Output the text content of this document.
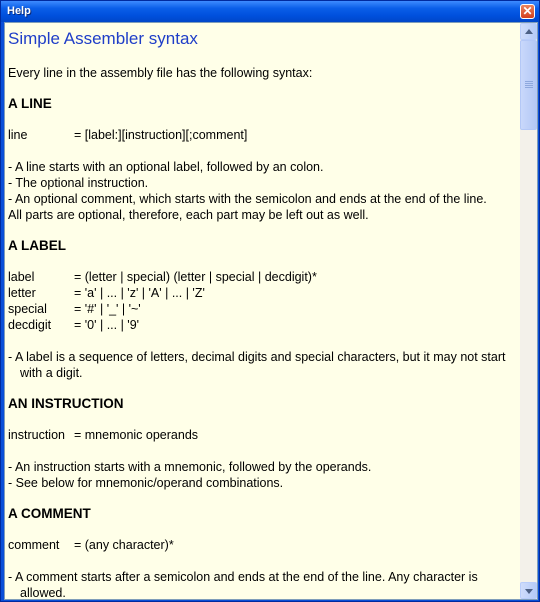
Help	✕
Simple Assembler syntax
Every line in the assembly file has the following syntax:
A LINE
line	= [label:][instruction][;comment]
- A line starts with an optional label, followed by an colon.
- The optional instruction.
- An optional comment, which starts with the semicolon and ends at the end of the line.
All parts are optional, therefore, each part may be left out as well.
A LABEL
label	= (letter | special) (letter | special | decdigit)*
letter	= 'a' | ... | 'z' | 'A' | ... | 'Z'
special = '#' | '_' | '~'
decdigit = '0' | ... | '9'
- A label is a sequence of letters, decimal digits and special characters, but it may not start with a digit.
AN INSTRUCTION
instruction = mnemonic operands
- An instruction starts with a mnemonic, followed by the operands.
- See below for mnemonic/operand combinations.
A COMMENT
comment = (any character)*
- A comment starts after a semicolon and ends at the end of the line. Any character is allowed.
